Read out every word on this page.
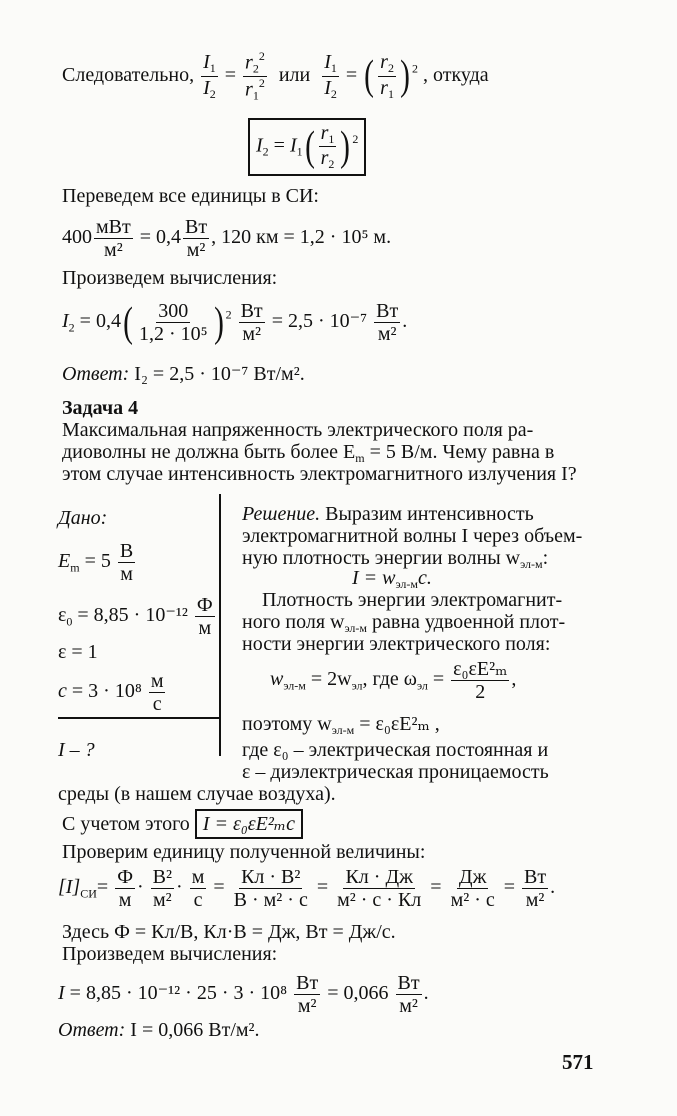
Следовательно, $\frac{I_1}{I_2} = \frac{r_2^2}{r_1^2}$ или $\frac{I_1}{I_2}$ = ( $\frac{r_2}{r_1}$ ) $^2$ , откуда
$I_2 = I_1( \frac{r_1}{r_2}$ ) $^2$
Переведем все единицы в СИ:
$400 \frac{\text{мВт}}{\text{м²}} = 0,4 \frac{Вт}{\text{м²}}$ , 120 км = 1,2 · 10⁵ м.
Произведем вычисления:
$I_2 = 0,4( \frac{300}{\text{1,2 · 10⁵}}$ ) $^2 \frac{Вт}{\text{м²}} = 2,5 \cdot 10^{-7} \frac{Вт}{\text{м²}}$ .
Ответ: I₂ = 2,5 · 10⁻⁷ Вт/м².
Задача 4
Максимальная напряженность электрического поля ра-
диоволны не должна быть более $E_m = 5$ В/м. Чему равна в
этом случае интенсивность электромагнитного излучения I?
Дано:
$E_m = 5 \frac{В}{м}$
$\varepsilon_0 = 8,85 \cdot 10^{-12} \frac{Ф}{м}$
ε = 1
$c = 3 \cdot 10^8 \frac{м}{с}$
I – ?
Решение. Выразим интенсивность
электромагнитной волны I через объем-
ную плотность энергии волны $w_{эл-м}$:
$I = w_{эл-м}c$.
Плотность энергии электромагнит-
ного поля $w_{эл-м}$ равна удвоенной плот-
ности энергии электрического поля:
$w_{эл-м} = 2w_{эл}$, где $\omega_{эл} = \frac{\text{ε₀εE²ₘ}}{2}$ ,
поэтому $w_{эл-м} = \varepsilon_0\varepsilon E^2_m$ ,
где ε₀ – электрическая постоянная и
ε – диэлектрическая проницаемость
среды (в нашем случае воздуха).
С учетом этого I = ε₀εE²ₘc
Проверим единицу полученной величины:
$[I]_{СИ}= \frac{Ф}{м} \cdot \frac{\text{В²}}{\text{м²}} \cdot \frac{м}{с} = \frac{\text{Кл · В²}}{\text{В · м² · с}} = \frac{Кл \cdot Дж}{\text{м² · с · Кл}} = \frac{Дж}{\text{м² · с}} = \frac{Вт}{\text{м²}}$ .
Здесь Ф = Кл/В, Кл·В = Дж, Вт = Дж/с.
Произведем вычисления:
$I = 8,85 \cdot 10^{-12} \cdot 25 \cdot 3 \cdot 10^8 \frac{Вт}{\text{м²}} = 0,066 \frac{Вт}{\text{м²}}$ .
Ответ: I = 0,066 Вт/м².
571
